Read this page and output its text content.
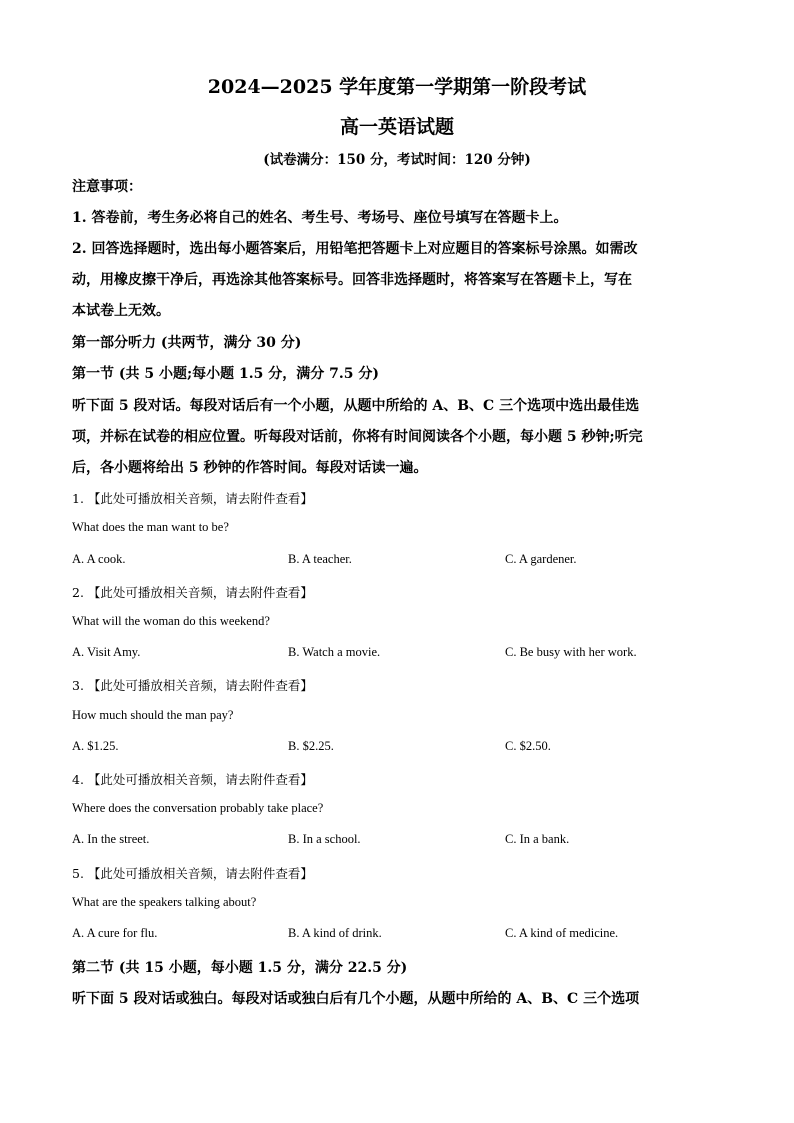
2024—2025 学年度第一学期第一阶段考试
高一英语试题
(试卷满分：150 分，考试时间：120 分钟)
注意事项：
1. 答卷前，考生务必将自己的姓名、考生号、考场号、座位号填写在答题卡上。
2. 回答选择题时，选出每小题答案后，用铅笔把答题卡上对应题目的答案标号涂黑。如需改
动，用橡皮擦干净后，再选涂其他答案标号。回答非选择题时，将答案写在答题卡上，写在
本试卷上无效。
第一部分听力 (共两节，满分 30 分)
第一节 (共 5 小题;每小题 1.5 分，满分 7.5 分)
听下面 5 段对话。每段对话后有一个小题，从题中所给的 A、B、C 三个选项中选出最佳选
项，并标在试卷的相应位置。听每段对话前，你将有时间阅读各个小题，每小题 5 秒钟;听完
后，各小题将给出 5 秒钟的作答时间。每段对话读一遍。
1. 【此处可播放相关音频，请去附件查看】
What does the man want to be?
A. A cook.	B. A teacher.	C. A gardener.
2. 【此处可播放相关音频，请去附件查看】
What will the woman do this weekend?
A. Visit Amy.	B. Watch a movie.	C. Be busy with her work.
3. 【此处可播放相关音频，请去附件查看】
How much should the man pay?
A. $1.25.	B. $2.25.	C. $2.50.
4. 【此处可播放相关音频，请去附件查看】
Where does the conversation probably take place?
A. In the street.	B. In a school.	C. In a bank.
5. 【此处可播放相关音频，请去附件查看】
What are the speakers talking about?
A. A cure for flu.	B. A kind of drink.	C. A kind of medicine.
第二节 (共 15 小题，每小题 1.5 分，满分 22.5 分)
听下面 5 段对话或独白。每段对话或独白后有几个小题，从题中所给的 A、B、C 三个选项
